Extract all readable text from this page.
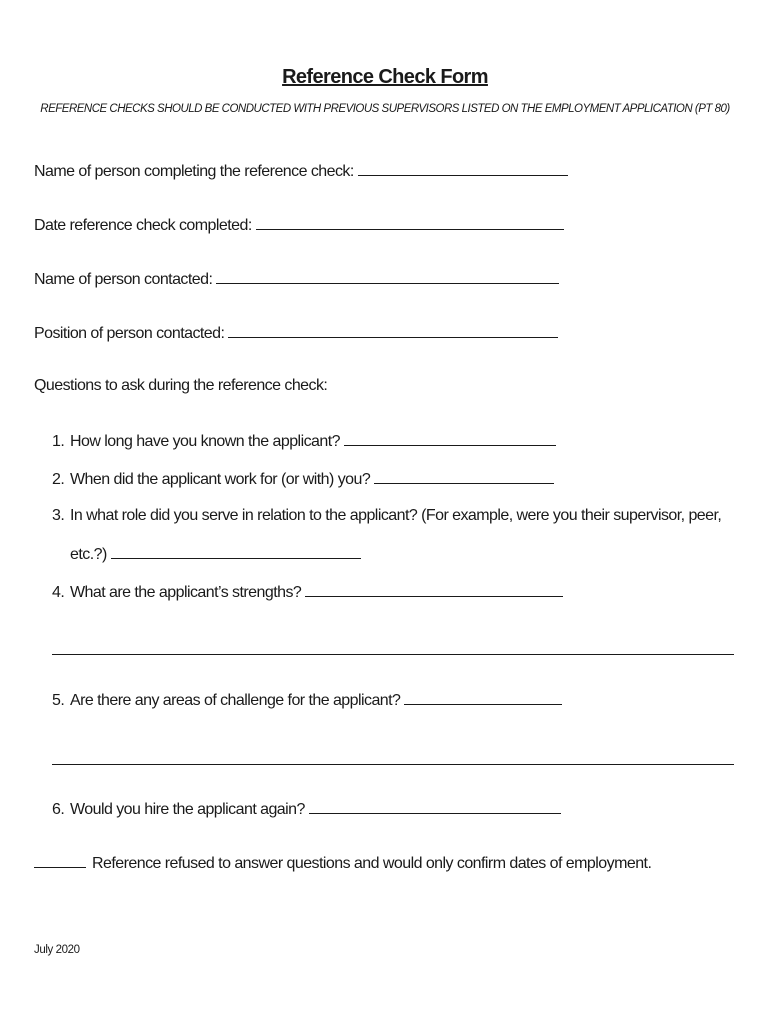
Reference Check Form
REFERENCE CHECKS SHOULD BE CONDUCTED WITH PREVIOUS SUPERVISORS LISTED ON THE EMPLOYMENT APPLICATION (PT 80)
Name of person completing the reference check:
Date reference check completed:
Name of person contacted:
Position of person contacted:
Questions to ask during the reference check:
1. How long have you known the applicant?
2. When did the applicant work for (or with) you?
3. In what role did you serve in relation to the applicant? (For example, were you their supervisor, peer,
etc.?)
4. What are the applicant’s strengths?
5. Are there any areas of challenge for the applicant?
6. Would you hire the applicant again?
Reference refused to answer questions and would only confirm dates of employment.
July 2020
